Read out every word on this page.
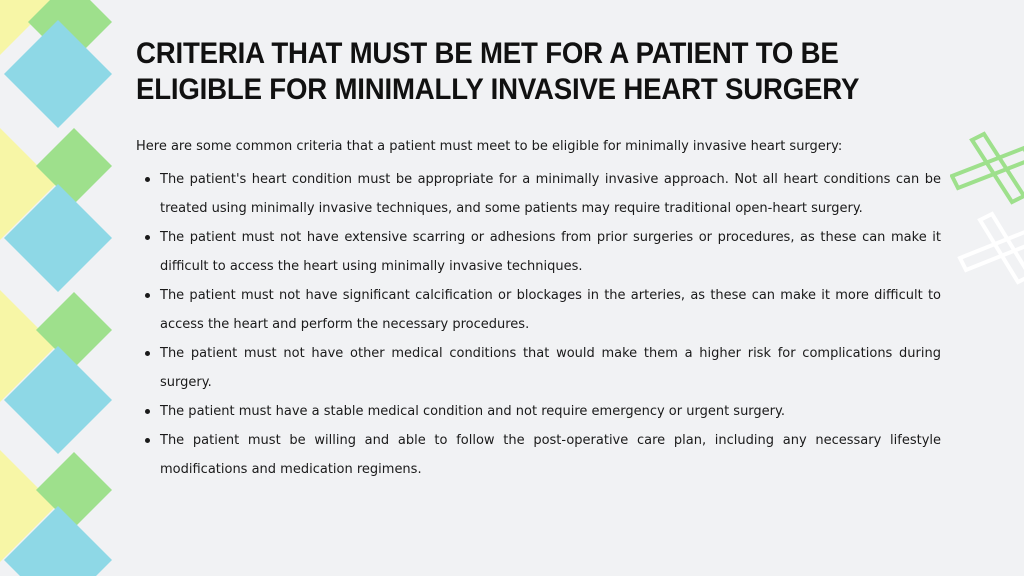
CRITERIA THAT MUST BE MET FOR A PATIENT TO BE ELIGIBLE FOR MINIMALLY INVASIVE HEART SURGERY

Here are some common criteria that a patient must meet to be eligible for minimally invasive heart surgery:

The patient's heart condition must be appropriate for a minimally invasive approach. Not all heart conditions can be treated using minimally invasive techniques, and some patients may require traditional open-heart surgery.
The patient must not have extensive scarring or adhesions from prior surgeries or procedures, as these can make it difficult to access the heart using minimally invasive techniques.
The patient must not have significant calcification or blockages in the arteries, as these can make it more difficult to access the heart and perform the necessary procedures.
The patient must not have other medical conditions that would make them a higher risk for complications during surgery.
The patient must have a stable medical condition and not require emergency or urgent surgery.
The patient must be willing and able to follow the post-operative care plan, including any necessary lifestyle modifications and medication regimens.
